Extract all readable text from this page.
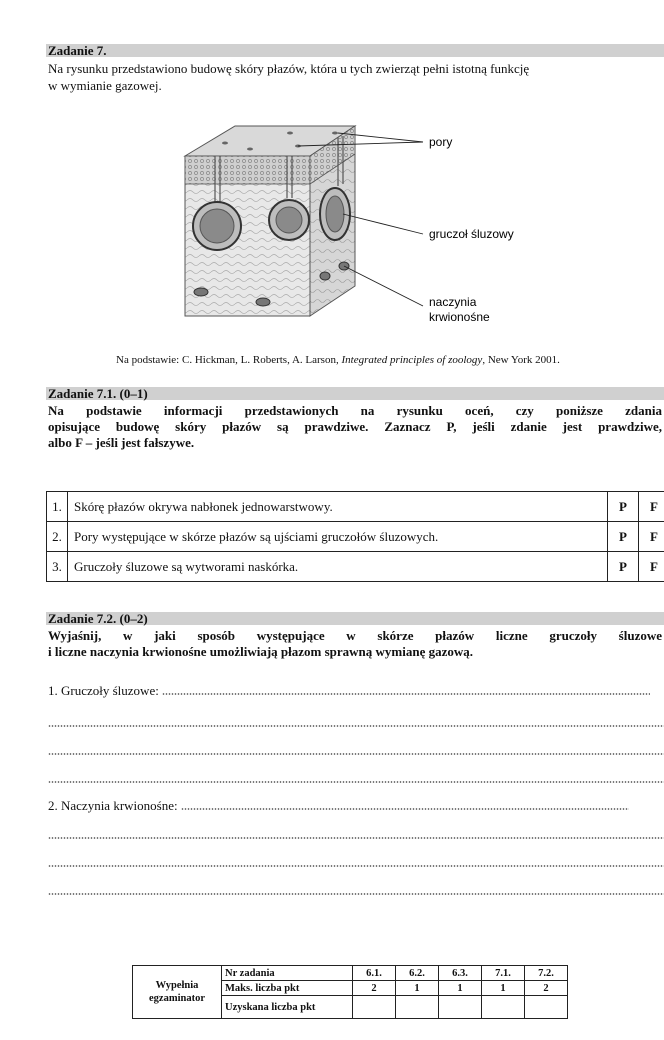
Zadanie 7.
Na rysunku przedstawiono budowę skóry płazów, która u tych zwierząt pełni istotną funkcję
w wymianie gazowej.
pory
gruczoł śluzowy
naczynia
krwionośne
Na podstawie: C. Hickman, L. Roberts, A. Larson, Integrated principles of zoology, New York 2001.
Zadanie 7.1. (0–1)
Na podstawie informacji przedstawionych na rysunku oceń, czy poniższe zdania
opisujące budowę skóry płazów są prawdziwe. Zaznacz P, jeśli zdanie jest prawdziwe,
albo F – jeśli jest fałszywe.
1.	Skórę płazów okrywa nabłonek jednowarstwowy.	P	F
2.	Pory występujące w skórze płazów są ujściami gruczołów śluzowych.	P	F
3.	Gruczoły śluzowe są wytworami naskórka.	P	F
Zadanie 7.2. (0–2)
Wyjaśnij, w jaki sposób występujące w skórze płazów liczne gruczoły śluzowe
i liczne naczynia krwionośne umożliwiają płazom sprawną wymianę gazową.
1. Gruczoły śluzowe:
2. Naczynia krwionośne:
Wypełnia
egzaminator	Nr zadania	6.1.	6.2.	6.3.	7.1.	7.2.
	Maks. liczba pkt	2	1	1	1	2
	Uzyskana liczba pkt					
